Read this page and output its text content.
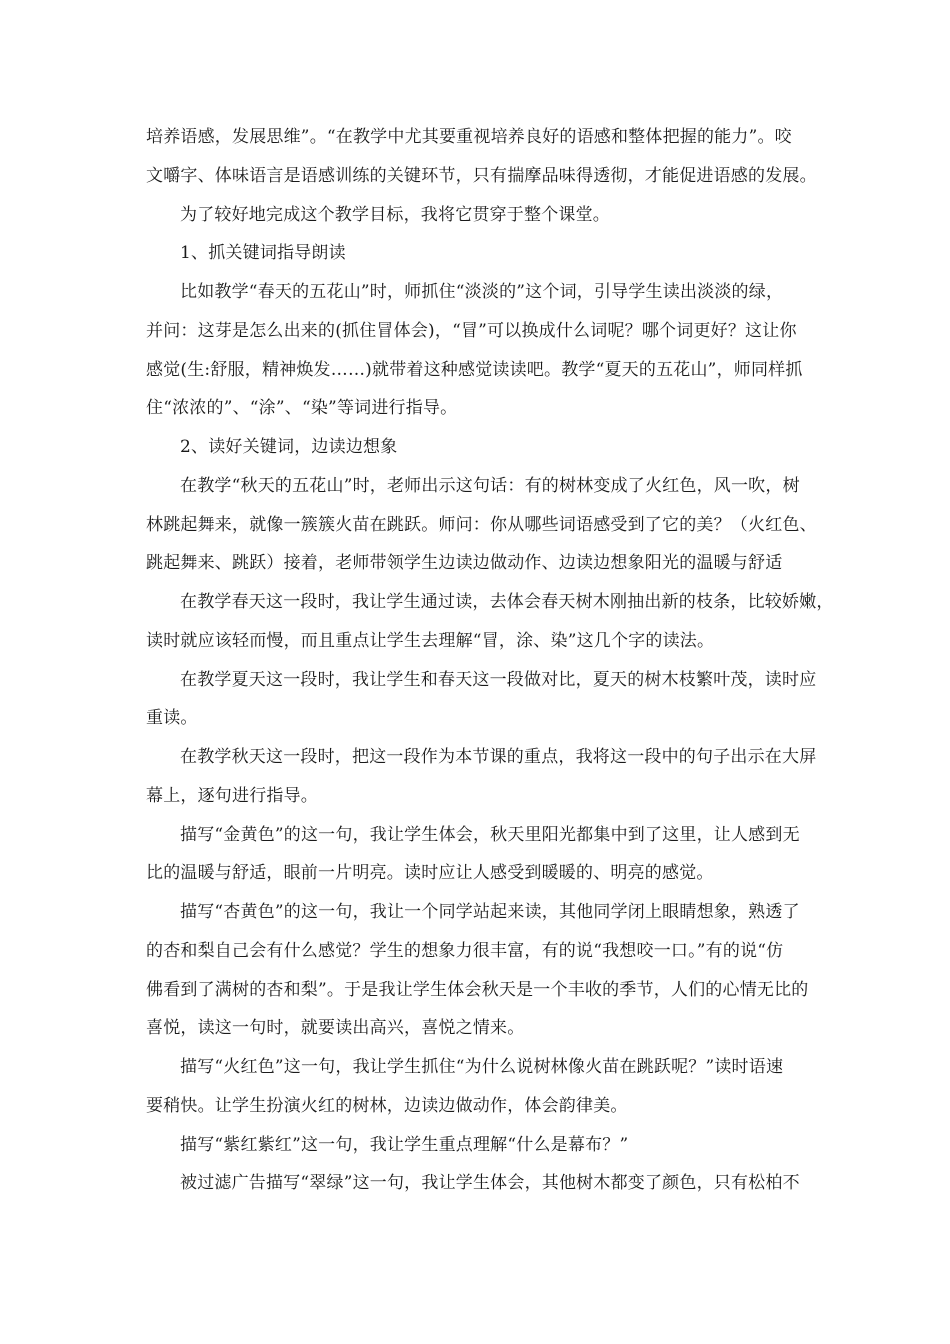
培养语感，发展思维”。“在教学中尤其要重视培养良好的语感和整体把握的能力”。咬
文嚼字、体味语言是语感训练的关键环节，只有揣摩品味得透彻，才能促进语感的发展。
为了较好地完成这个教学目标，我将它贯穿于整个课堂。
1、抓关键词指导朗读
比如教学“春天的五花山”时，师抓住“淡淡的”这个词，引导学生读出淡淡的绿，
并问：这芽是怎么出来的(抓住冒体会)，“冒”可以换成什么词呢？哪个词更好？这让你
感觉(生:舒服，精神焕发……)就带着这种感觉读读吧。教学“夏天的五花山”，师同样抓
住“浓浓的”、“涂”、“染”等词进行指导。
2、读好关键词，边读边想象
在教学“秋天的五花山”时，老师出示这句话：有的树林变成了火红色，风一吹，树
林跳起舞来，就像一簇簇火苗在跳跃。师问：你从哪些词语感受到了它的美？（火红色、
跳起舞来、跳跃）接着，老师带领学生边读边做动作、边读边想象阳光的温暖与舒适
在教学春天这一段时，我让学生通过读，去体会春天树木刚抽出新的枝条，比较娇嫩，
读时就应该轻而慢，而且重点让学生去理解“冒，涂、染”这几个字的读法。
在教学夏天这一段时，我让学生和春天这一段做对比，夏天的树木枝繁叶茂，读时应
重读。
在教学秋天这一段时，把这一段作为本节课的重点，我将这一段中的句子出示在大屏
幕上，逐句进行指导。
描写“金黄色”的这一句，我让学生体会，秋天里阳光都集中到了这里，让人感到无
比的温暖与舒适，眼前一片明亮。读时应让人感受到暖暖的、明亮的感觉。
描写“杏黄色”的这一句，我让一个同学站起来读，其他同学闭上眼睛想象，熟透了
的杏和梨自己会有什么感觉？学生的想象力很丰富，有的说“我想咬一口。”有的说“仿
佛看到了满树的杏和梨”。于是我让学生体会秋天是一个丰收的季节，人们的心情无比的
喜悦，读这一句时，就要读出高兴，喜悦之情来。
描写“火红色”这一句，我让学生抓住“为什么说树林像火苗在跳跃呢？”读时语速
要稍快。让学生扮演火红的树林，边读边做动作，体会韵律美。
描写“紫红紫红”这一句，我让学生重点理解“什么是幕布？”
被过滤广告描写“翠绿”这一句，我让学生体会，其他树木都变了颜色，只有松柏不
